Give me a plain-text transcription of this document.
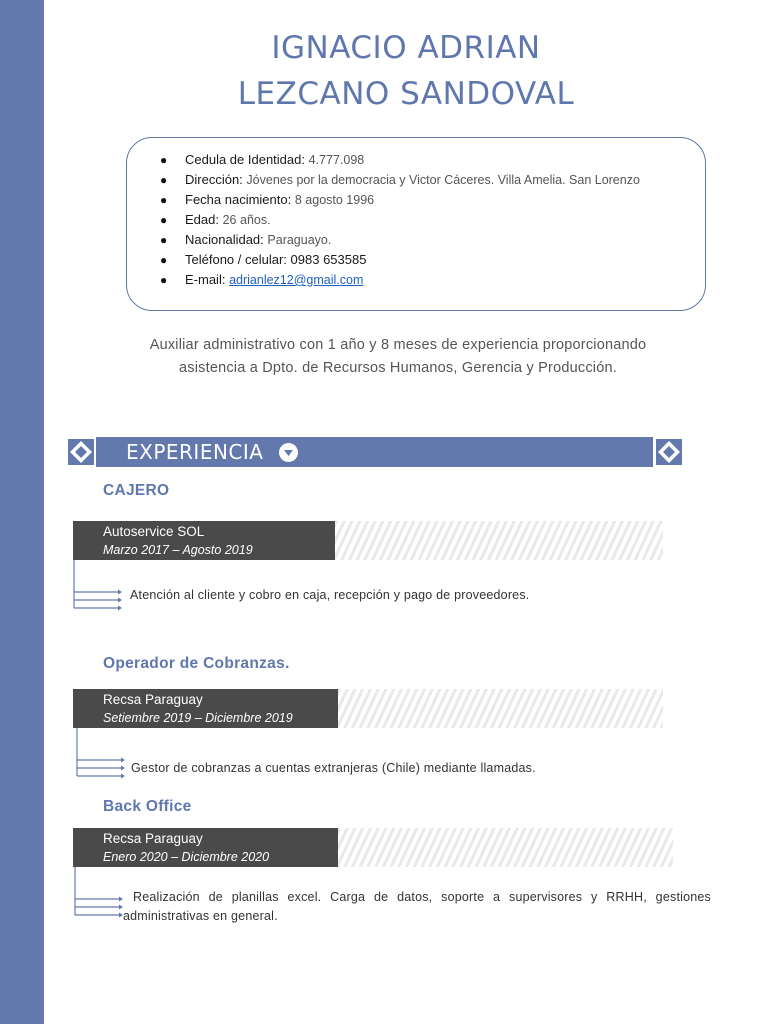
IGNACIO ADRIAN
LEZCANO SANDOVAL
● Cedula de Identidad: 4.777.098
● Dirección: Jóvenes por la democracia y Victor Cáceres. Villa Amelia. San Lorenzo
● Fecha nacimiento: 8 agosto 1996
● Edad: 26 años.
● Nacionalidad: Paraguayo.
● Teléfono / celular: 0983 653585
● E-mail: adrianlez12@gmail.com
Auxiliar administrativo con 1 año y 8 meses de experiencia proporcionando
asistencia a Dpto. de Recursos Humanos, Gerencia y Producción.
EXPERIENCIA
CAJERO
Autoservice SOL
Marzo 2017 – Agosto 2019
Atención al cliente y cobro en caja, recepción y pago de proveedores.
Operador de Cobranzas.
Recsa Paraguay
Setiembre 2019 – Diciembre 2019
Gestor de cobranzas a cuentas extranjeras (Chile) mediante llamadas.
Back Office
Recsa Paraguay
Enero 2020 – Diciembre 2020
Realización de planillas excel. Carga de datos, soporte a supervisores y RRHH, gestiones administrativas en general.
